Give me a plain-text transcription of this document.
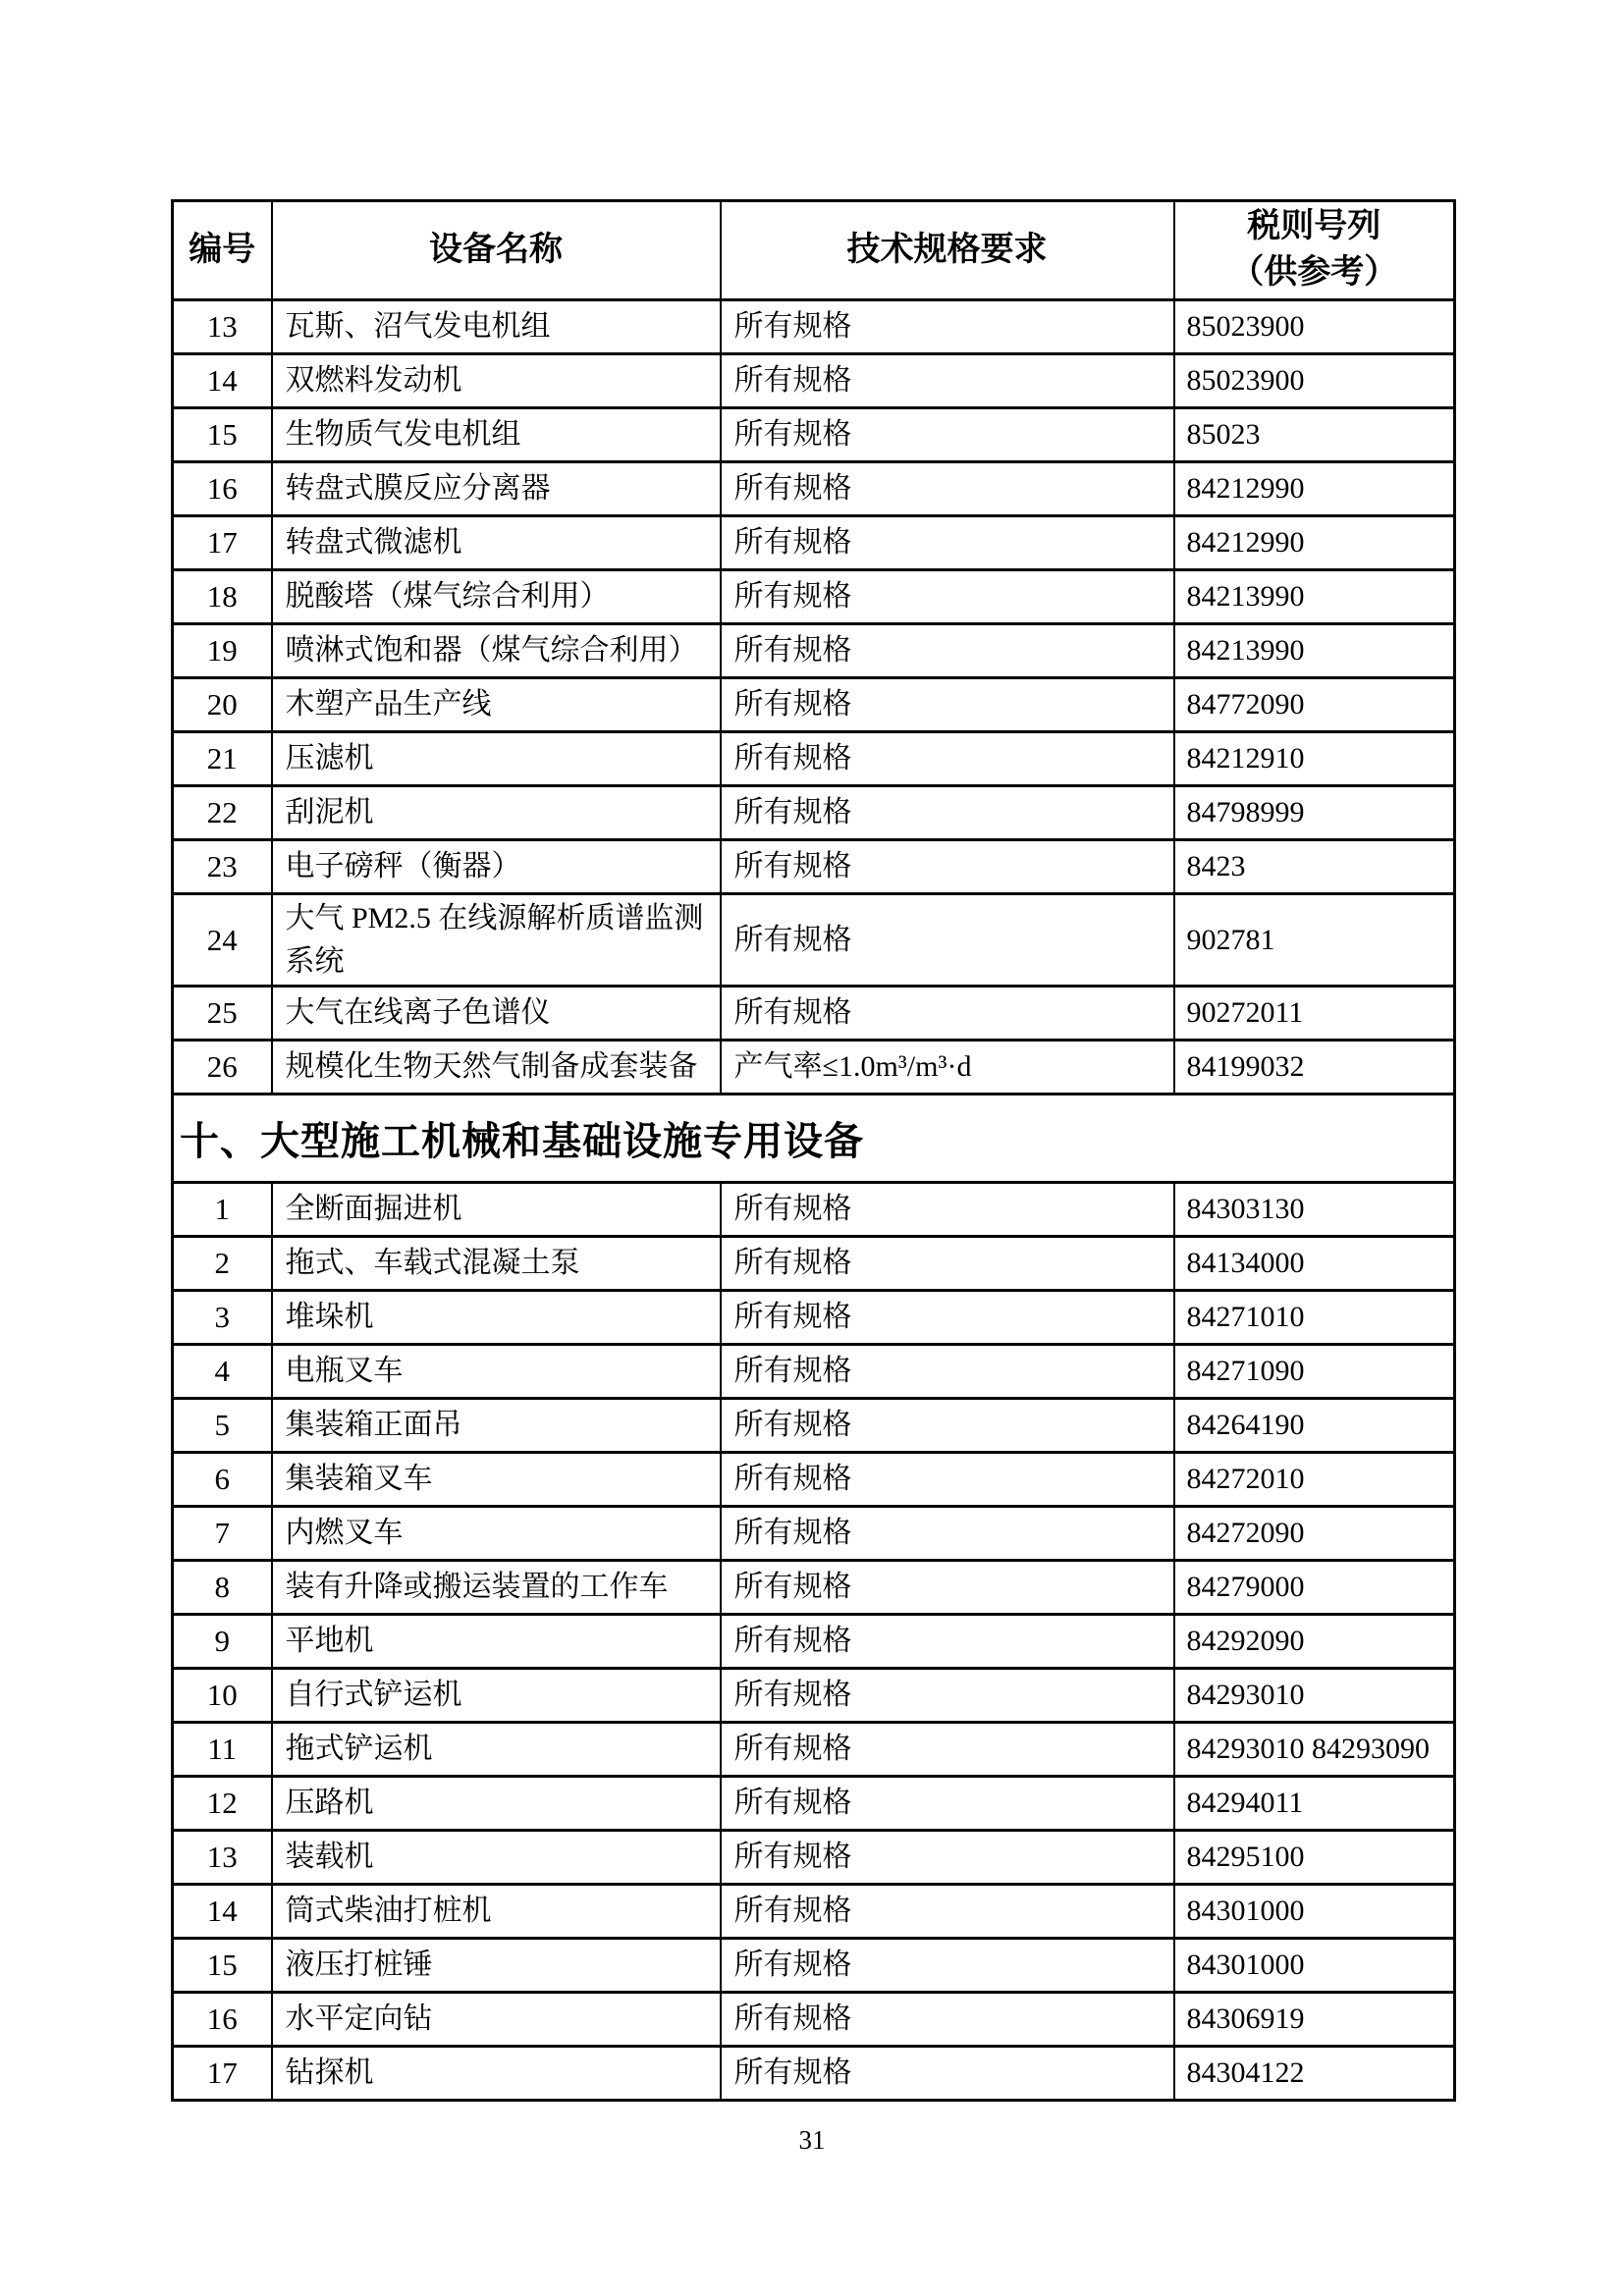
编号	设备名称	技术规格要求	税则号列
（供参考）
13	瓦斯、沼气发电机组	所有规格	85023900
14	双燃料发动机	所有规格	85023900
15	生物质气发电机组	所有规格	85023
16	转盘式膜反应分离器	所有规格	84212990
17	转盘式微滤机	所有规格	84212990
18	脱酸塔（煤气综合利用）	所有规格	84213990
19	喷淋式饱和器（煤气综合利用）	所有规格	84213990
20	木塑产品生产线	所有规格	84772090
21	压滤机	所有规格	84212910
22	刮泥机	所有规格	84798999
23	电子磅秤（衡器）	所有规格	8423
24	大气 PM2.5 在线源解析质谱监测系统	所有规格	902781
25	大气在线离子色谱仪	所有规格	90272011
26	规模化生物天然气制备成套装备	产气率≤1.0m³/m³·d	84199032
十、大型施工机械和基础设施专用设备			
1	全断面掘进机	所有规格	84303130
2	拖式、车载式混凝土泵	所有规格	84134000
3	堆垛机	所有规格	84271010
4	电瓶叉车	所有规格	84271090
5	集装箱正面吊	所有规格	84264190
6	集装箱叉车	所有规格	84272010
7	内燃叉车	所有规格	84272090
8	装有升降或搬运装置的工作车	所有规格	84279000
9	平地机	所有规格	84292090
10	自行式铲运机	所有规格	84293010
11	拖式铲运机	所有规格	84293010 84293090
12	压路机	所有规格	84294011
13	装载机	所有规格	84295100
14	筒式柴油打桩机	所有规格	84301000
15	液压打桩锤	所有规格	84301000
16	水平定向钻	所有规格	84306919
17	钻探机	所有规格	84304122
31
